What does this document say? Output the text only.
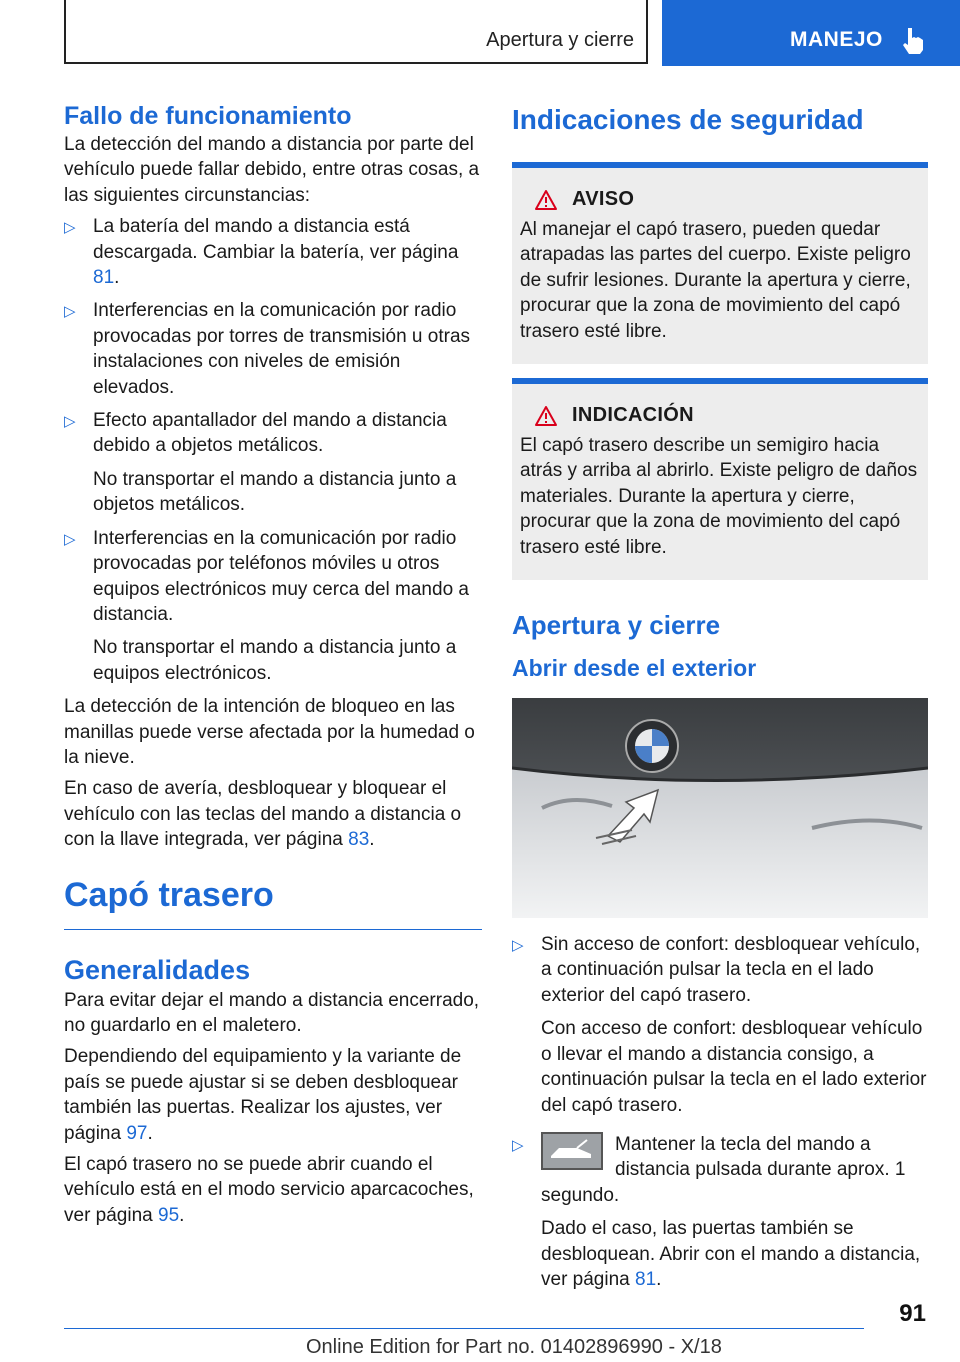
Apertura y cierre	MANEJO
Fallo de funcionamiento

La detección del mando a distancia por parte del vehículo puede fallar debido, entre otras cosas, a las siguientes circunstancias:

▷ La batería del mando a distancia está descargada. Cambiar la batería, ver página 81.

▷ Interferencias en la comunicación por radio provocadas por torres de transmisión u otras instalaciones con niveles de emisión elevados.

▷ Efecto apantallador del mando a distancia debido a objetos metálicos.

No transportar el mando a distancia junto a objetos metálicos.

▷ Interferencias en la comunicación por radio provocadas por teléfonos móviles u otros equipos electrónicos muy cerca del mando a distancia.

No transportar el mando a distancia junto a equipos electrónicos.

La detección de la intención de bloqueo en las manillas puede verse afectada por la humedad o la nieve.

En caso de avería, desbloquear y bloquear el vehículo con las teclas del mando a distancia o con la llave integrada, ver página 83.

Capó trasero
Generalidades

Para evitar dejar el mando a distancia encerrado, no guardarlo en el maletero.

Dependiendo del equipamiento y la variante de país se puede ajustar si se deben desbloquear también las puertas. Realizar los ajustes, ver página 97.

El capó trasero no se puede abrir cuando el vehículo está en el modo servicio aparcacoches, ver página 95.

Indicaciones de seguridad
AVISO

Al manejar el capó trasero, pueden quedar atrapadas las partes del cuerpo. Existe peligro de sufrir lesiones. Durante la apertura y cierre, procurar que la zona de movimiento del capó trasero esté libre.

INDICACIÓN

El capó trasero describe un semigiro hacia atrás y arriba al abrirlo. Existe peligro de daños materiales. Durante la apertura y cierre, procurar que la zona de movimiento del capó trasero esté libre.

Apertura y cierre
Abrir desde el exterior
▷ Sin acceso de confort: desbloquear vehículo, a continuación pulsar la tecla en el lado exterior del capó trasero.

Con acceso de confort: desbloquear vehículo o llevar el mando a distancia consigo, a continuación pulsar la tecla en el lado exterior del capó trasero.

▷	Mantener la tecla del mando a distancia pulsada durante aprox. 1 segundo.

Dado el caso, las puertas también se desbloquean. Abrir con el mando a distancia, ver página 81.

91
Online Edition for Part no. 01402896990 - X/18
